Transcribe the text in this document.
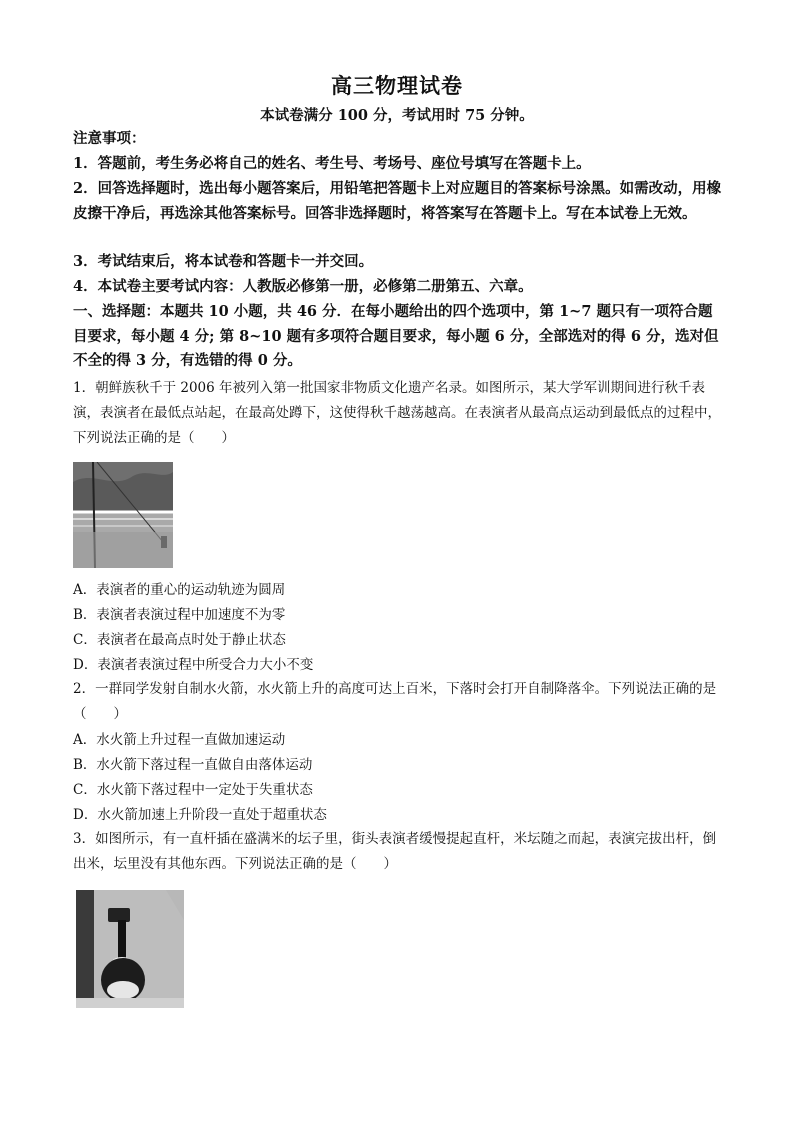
高三物理试卷
本试卷满分 100 分，考试用时 75 分钟。
注意事项：
1．答题前，考生务必将自己的姓名、考生号、考场号、座位号填写在答题卡上。
2．回答选择题时，选出每小题答案后，用铅笔把答题卡上对应题目的答案标号涂黑。如需改动，用橡皮擦干净后，再选涂其他答案标号。回答非选择题时，将答案写在答题卡上。写在本试卷上无效。
3．考试结束后，将本试卷和答题卡一并交回。
4．本试卷主要考试内容：人教版必修第一册，必修第二册第五、六章。
一、选择题：本题共 10 小题，共 46 分．在每小题给出的四个选项中，第 1~7 题只有一项符合题目要求，每小题 4 分; 第 8~10 题有多项符合题目要求，每小题 6 分，全部选对的得 6 分，选对但不全的得 3 分，有选错的得 0 分。
1．朝鲜族秋千于 2006 年被列入第一批国家非物质文化遗产名录。如图所示，某大学军训期间进行秋千表演，表演者在最低点站起，在最高处蹲下，这使得秋千越荡越高。在表演者从最高点运动到最低点的过程中，下列说法正确的是（　　）
A．表演者的重心的运动轨迹为圆周
B．表演者表演过程中加速度不为零
C．表演者在最高点时处于静止状态
D．表演者表演过程中所受合力大小不变
2．一群同学发射自制水火箭，水火箭上升的高度可达上百米，下落时会打开自制降落伞。下列说法正确的是（　　）
A．水火箭上升过程一直做加速运动
B．水火箭下落过程一直做自由落体运动
C．水火箭下落过程中一定处于失重状态
D．水火箭加速上升阶段一直处于超重状态
3．如图所示，有一直杆插在盛满米的坛子里，街头表演者缓慢提起直杆，米坛随之而起，表演完拔出杆，倒出米，坛里没有其他东西。下列说法正确的是（　　）
